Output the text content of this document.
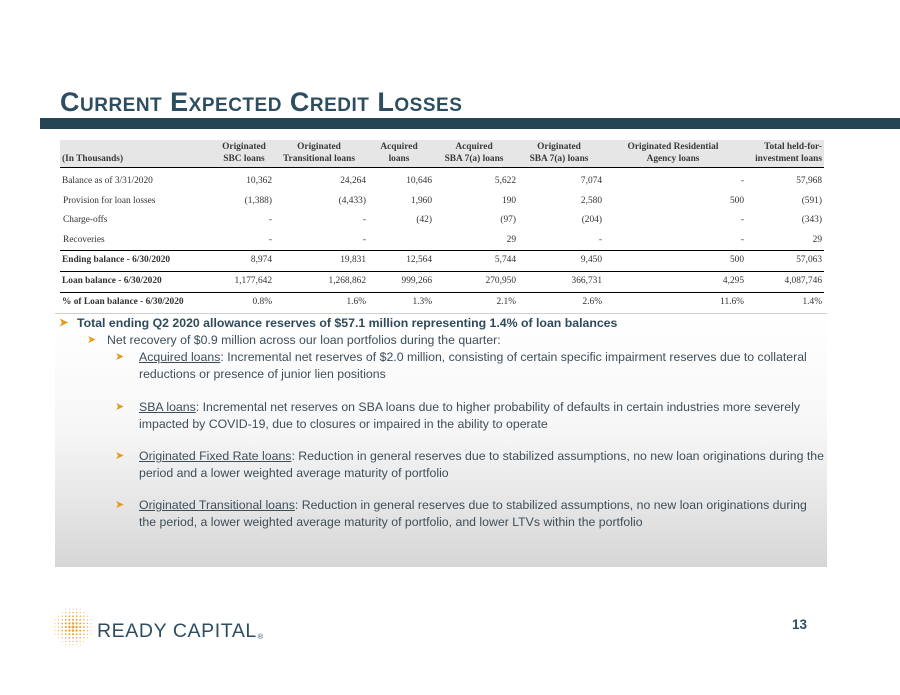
Current Expected Credit Losses
	Originated	Originated	Acquired	Acquired	Originated	Originated Residential	Total held-for-
(In Thousands)	SBC loans	Transitional loans	loans	SBA 7(a) loans	SBA 7(a) loans	Agency loans	investment loans
Balance as of 3/31/2020	10,362	24,264	10,646	5,622	7,074	-	57,968
Provision for loan losses	(1,388)	(4,433)	1,960	190	2,580	500	(591)
Charge-offs	-	-	(42)	(97)	(204)	-	(343)
Recoveries	-	-		29	-	-	29
Ending balance - 6/30/2020	8,974	19,831	12,564	5,744	9,450	500	57,063
Loan balance - 6/30/2020	1,177,642	1,268,862	999,266	270,950	366,731	4,295	4,087,746
% of Loan balance - 6/30/2020	0.8%	1.6%	1.3%	2.1%	2.6%	11.6%	1.4%
➤ Total ending Q2 2020 allowance reserves of $57.1 million representing 1.4% of loan balances
➤ Net recovery of $0.9 million across our loan portfolios during the quarter:
➤ Acquired loans: Incremental net reserves of $2.0 million, consisting of certain specific impairment reserves due to collateral reductions or presence of junior lien positions
➤ SBA loans: Incremental net reserves on SBA loans due to higher probability of defaults in certain industries more severely impacted by COVID-19, due to closures or impaired in the ability to operate
➤ Originated Fixed Rate loans: Reduction in general reserves due to stabilized assumptions, no new loan originations during the period and a lower weighted average maturity of portfolio
➤ Originated Transitional loans: Reduction in general reserves due to stabilized assumptions, no new loan originations during the period, a lower weighted average maturity of portfolio, and lower LTVs within the portfolio
READY CAPITAL®
13
